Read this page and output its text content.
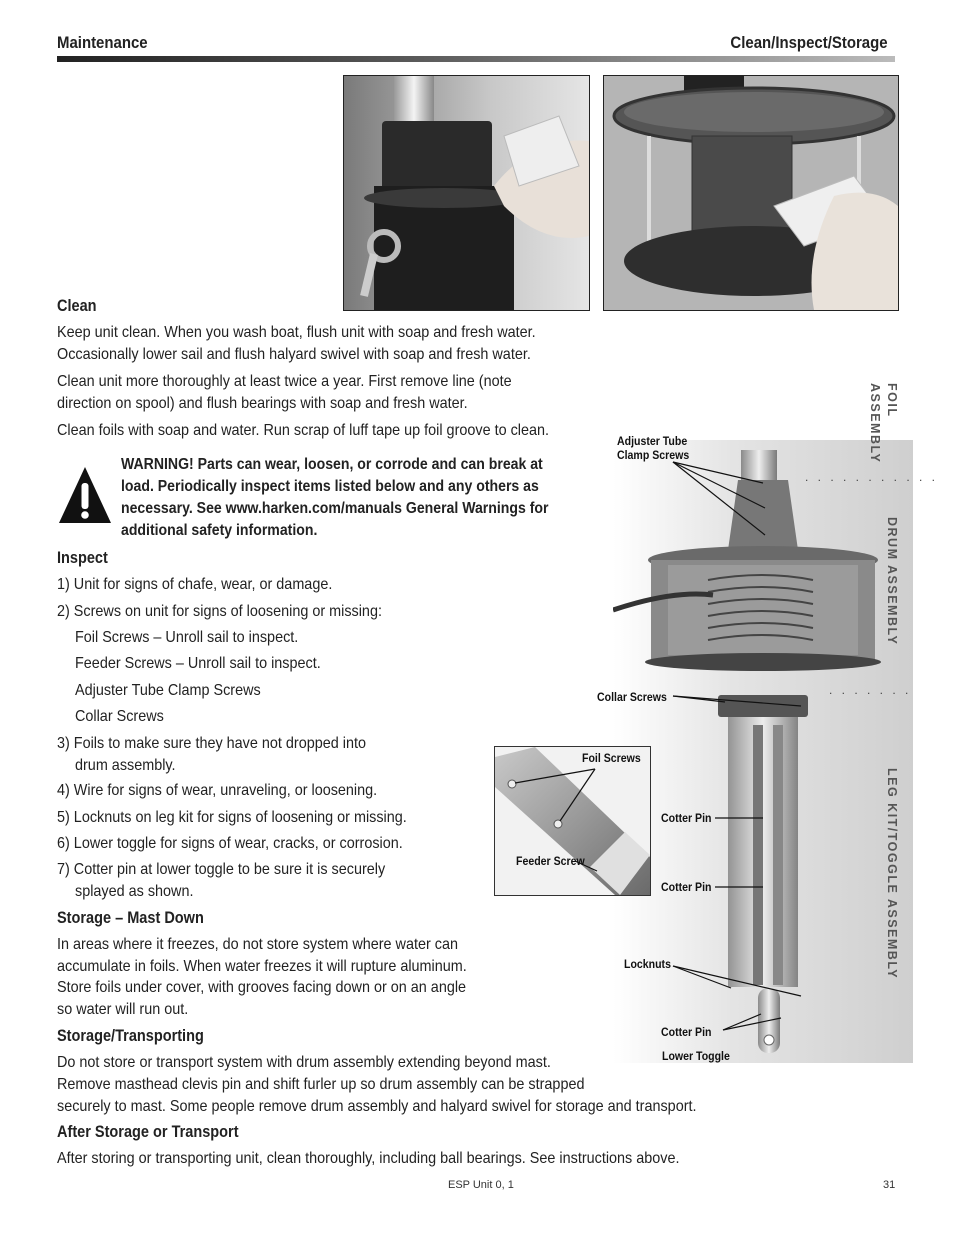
Maintenance	Clean/Inspect/Storage
Clean
Keep unit clean. When you wash boat, flush unit with soap and fresh water.
Occasionally lower sail and flush halyard swivel with soap and fresh water.
Clean unit more thoroughly at least twice a year. First remove line (note
direction on spool) and flush bearings with soap and fresh water.
Clean foils with soap and water. Run scrap of luff tape up foil groove to clean.
WARNING! Parts can wear, loosen, or corrode and can break at
load. Periodically inspect items listed below and any others as
necessary. See www.harken.com/manuals General Warnings for
additional safety information.
Inspect
1) Unit for signs of chafe, wear, or damage.
2) Screws on unit for signs of loosening or missing:
Foil Screws – Unroll sail to inspect.
Feeder Screws – Unroll sail to inspect.
Adjuster Tube Clamp Screws
Collar Screws
3) Foils to make sure they have not dropped into
drum assembly.
4) Wire for signs of wear, unraveling, or loosening.
5) Locknuts on leg kit for signs of loosening or missing.
6) Lower toggle for signs of wear, cracks, or corrosion.
7) Cotter pin at lower toggle to be sure it is securely
splayed as shown.
Storage – Mast Down
In areas where it freezes, do not store system where water can
accumulate in foils. When water freezes it will rupture aluminum.
Store foils under cover, with grooves facing down or on an angle
so water will run out.
Storage/Transporting
Do not store or transport system with drum assembly extending beyond mast.
Remove masthead clevis pin and shift furler up so drum assembly can be strapped
securely to mast. Some people remove drum assembly and halyard swivel for storage and transport.
After Storage or Transport
After storing or transporting unit, clean thoroughly, including ball bearings. See instructions above.
Adjuster Tube
Clamp Screws
Collar Screws
Cotter Pin
Cotter Pin
Locknuts
Cotter Pin
Lower Toggle
FOIL
ASSEMBLY
. . . . . . . . . . .
DRUM ASSEMBLY
. . . . . . .
LEG KIT/TOGGLE ASSEMBLY
Foil Screws
Feeder Screw
ESP Unit 0, 1	31
